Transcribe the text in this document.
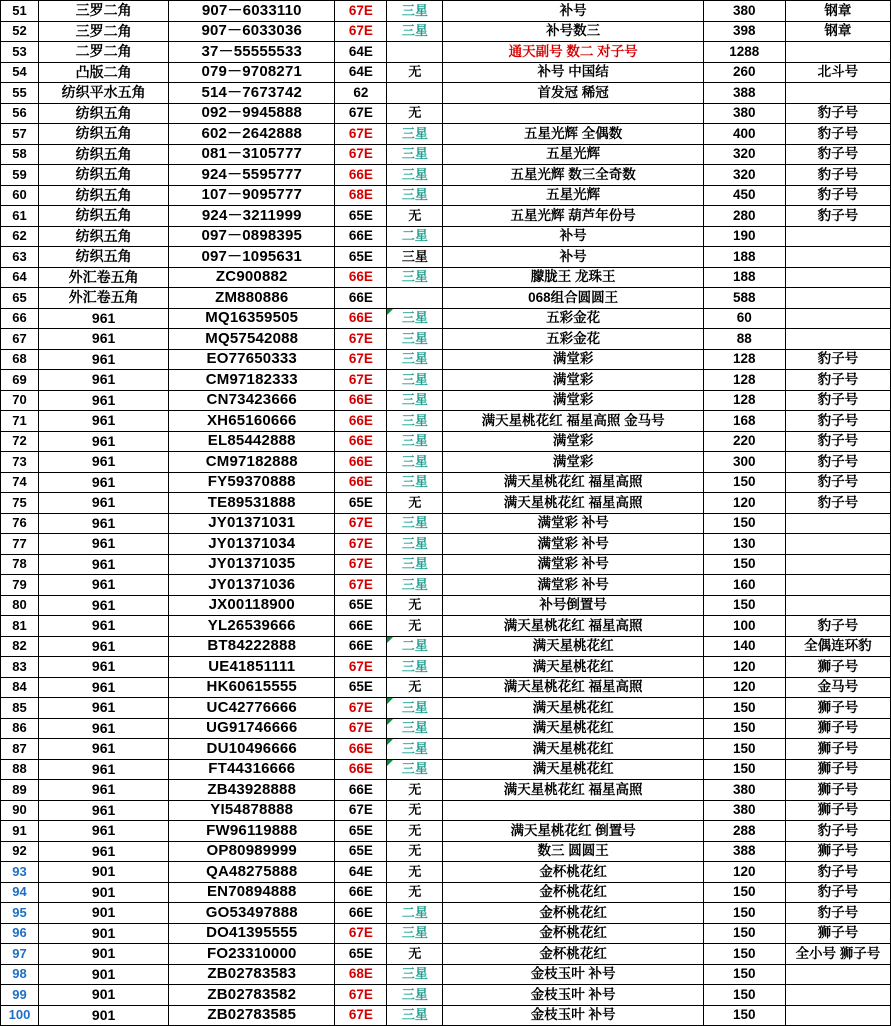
51	三罗二角	907－6033110	67E	三星	补号	380	钢章
52	三罗二角	907－6033036	67E	三星	补号数三	398	钢章
53	二罗二角	37－55555533	64E		通天副号 数二 对子号	1288	
54	凸版二角	079－9708271	64E	无	补号 中国结	260	北斗号
55	纺织平水五角	514－7673742	62		首发冠 稀冠	388	
56	纺织五角	092－9945888	67E	无		380	豹子号
57	纺织五角	602－2642888	67E	三星	五星光辉 全偶数	400	豹子号
58	纺织五角	081－3105777	67E	三星	五星光辉	320	豹子号
59	纺织五角	924－5595777	66E	三星	五星光辉 数三全奇数	320	豹子号
60	纺织五角	107－9095777	68E	三星	五星光辉	450	豹子号
61	纺织五角	924－3211999	65E	无	五星光辉 葫芦年份号	280	豹子号
62	纺织五角	097－0898395	66E	二星	补号	190	
63	纺织五角	097－1095631	65E	三星	补号	188	
64	外汇卷五角	ZC900882	66E	三星	朦胧王 龙珠王	188	
65	外汇卷五角	ZM880886	66E		068组合圆圆王	588	
66	961	MQ16359505	66E	三星	五彩金花	60	
67	961	MQ57542088	67E	三星	五彩金花	88	
68	961	EO77650333	67E	三星	满堂彩	128	豹子号
69	961	CM97182333	67E	三星	满堂彩	128	豹子号
70	961	CN73423666	66E	三星	满堂彩	128	豹子号
71	961	XH65160666	66E	三星	满天星桃花红 福星高照 金马号	168	豹子号
72	961	EL85442888	66E	三星	满堂彩	220	豹子号
73	961	CM97182888	66E	三星	满堂彩	300	豹子号
74	961	FY59370888	66E	三星	满天星桃花红 福星高照	150	豹子号
75	961	TE89531888	65E	无	满天星桃花红 福星高照	120	豹子号
76	961	JY01371031	67E	三星	满堂彩 补号	150	
77	961	JY01371034	67E	三星	满堂彩 补号	130	
78	961	JY01371035	67E	三星	满堂彩 补号	150	
79	961	JY01371036	67E	三星	满堂彩 补号	160	
80	961	JX00118900	65E	无	补号倒置号	150	
81	961	YL26539666	66E	无	满天星桃花红 福星高照	100	豹子号
82	961	BT84222888	66E	二星	满天星桃花红	140	全偶连环豹
83	961	UE41851111	67E	三星	满天星桃花红	120	狮子号
84	961	HK60615555	65E	无	满天星桃花红 福星高照	120	金马号
85	961	UC42776666	67E	三星	满天星桃花红	150	狮子号
86	961	UG91746666	67E	三星	满天星桃花红	150	狮子号
87	961	DU10496666	66E	三星	满天星桃花红	150	狮子号
88	961	FT44316666	66E	三星	满天星桃花红	150	狮子号
89	961	ZB43928888	66E	无	满天星桃花红 福星高照	380	狮子号
90	961	YI54878888	67E	无		380	狮子号
91	961	FW96119888	65E	无	满天星桃花红 倒置号	288	豹子号
92	961	OP80989999	65E	无	数三 圆圆王	388	狮子号
93	901	QA48275888	64E	无	金杯桃花红	120	豹子号
94	901	EN70894888	66E	无	金杯桃花红	150	豹子号
95	901	GO53497888	66E	二星	金杯桃花红	150	豹子号
96	901	DO41395555	67E	三星	金杯桃花红	150	狮子号
97	901	FO23310000	65E	无	金杯桃花红	150	全小号 狮子号
98	901	ZB02783583	68E	三星	金枝玉叶 补号	150	
99	901	ZB02783582	67E	三星	金枝玉叶 补号	150	
100	901	ZB02783585	67E	三星	金枝玉叶 补号	150	
